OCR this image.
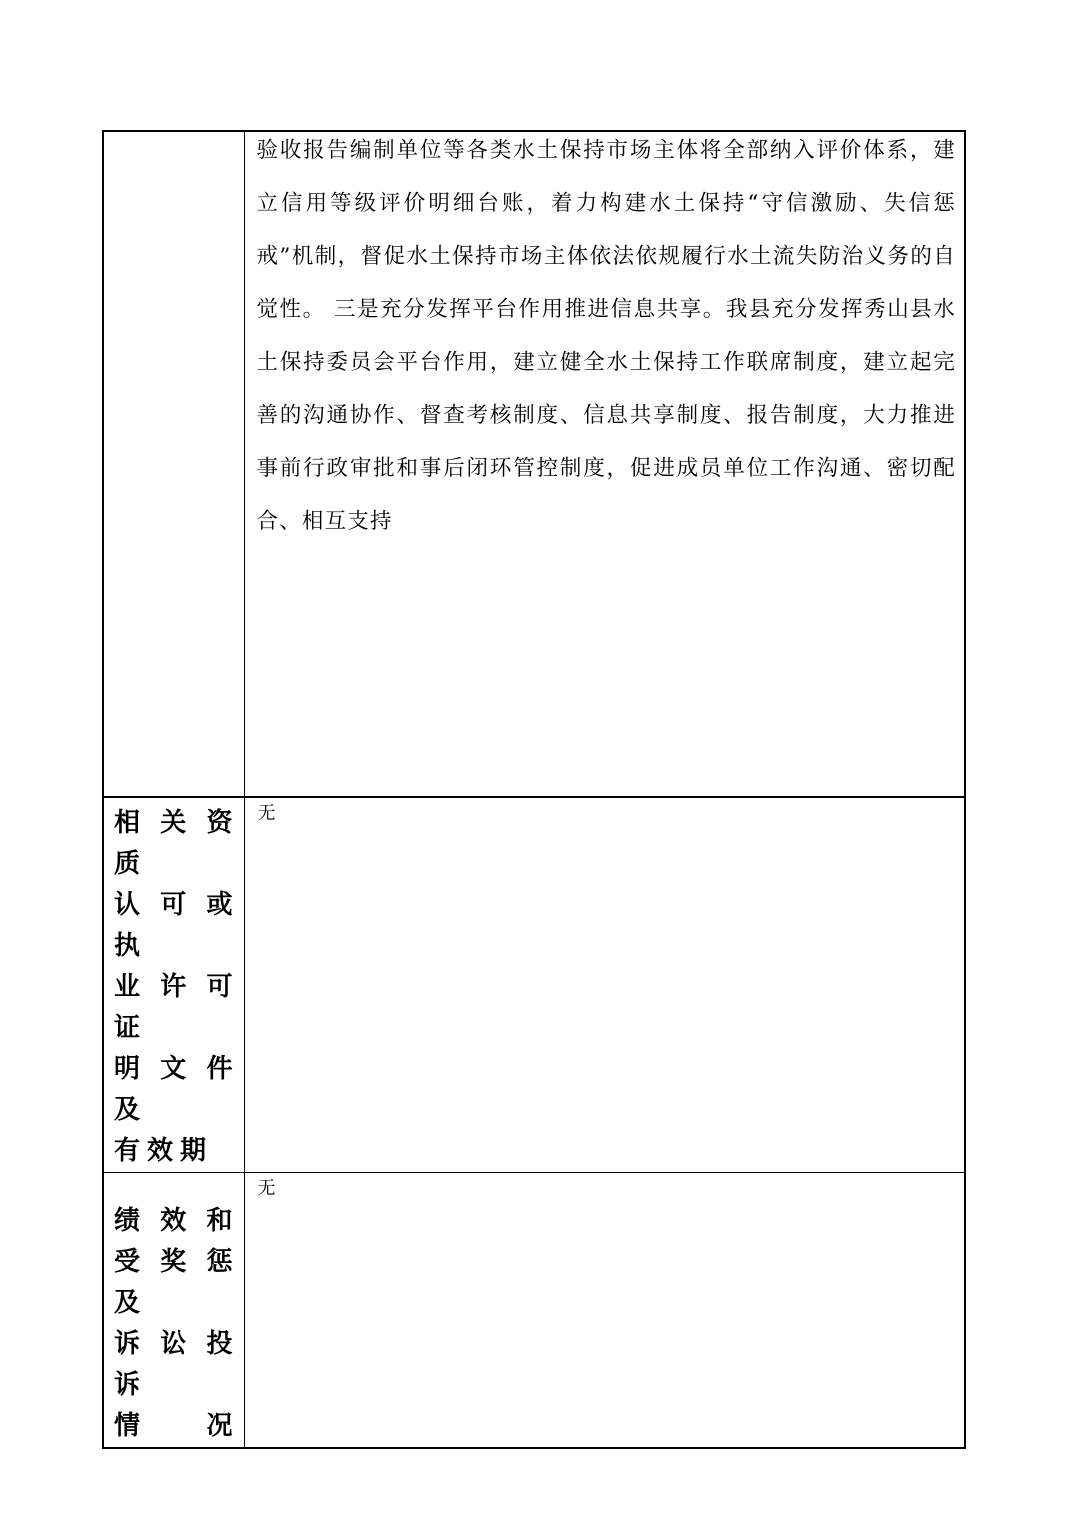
	验收报告编制单位等各类水土保持市场主体将全部纳入评价体系，建立信用等级评价明细台账，着力构建水土保持“守信激励、失信惩戒”机制，督促水土保持市场主体依法依规履行水土流失防治义务的自觉性。 三是充分发挥平台作用推进信息共享。我县充分发挥秀山县水土保持委员会平台作用，建立健全水土保持工作联席制度，建立起完善的沟通协作、督查考核制度、信息共享制度、报告制度，大力推进事前行政审批和事后闭环管控制度，促进成员单位工作沟通、密切配合、相互支持

相关资质
认可或执
业许可证
明文件及
有效期	无

绩效和
受奖惩及
诉讼投诉
情况	无
